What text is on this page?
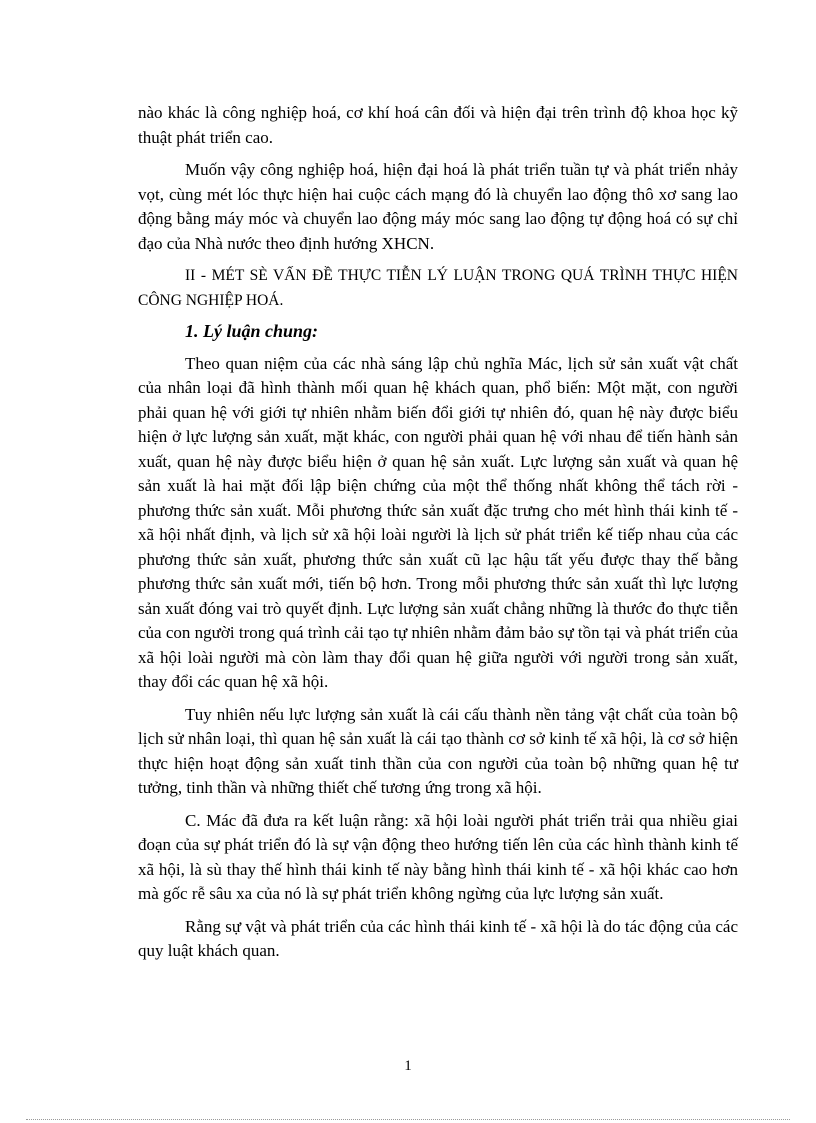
nào khác là công nghiệp hoá, cơ khí hoá cân đối và hiện đại trên trình độ khoa học kỹ thuật phát triển cao.

Muốn vậy công nghiệp hoá, hiện đại hoá là phát triển tuần tự và phát triển nhảy vọt, cùng mét lóc thực hiện hai cuộc cách mạng đó là chuyển lao động thô xơ sang lao động bằng máy móc và chuyển lao động máy móc sang lao động tự động hoá có sự chỉ đạo của Nhà nước theo định hướng XHCN.

II - MÉT SÈ VẤN ĐỀ THỰC TIỄN LÝ LUẬN TRONG QUÁ TRÌNH THỰC HIỆN CÔNG NGHIỆP HOÁ.

1. Lý luận chung:

Theo quan niệm của các nhà sáng lập chủ nghĩa Mác, lịch sử sản xuất vật chất của nhân loại đã hình thành mối quan hệ khách quan, phổ biến: Một mặt, con người phải quan hệ với giới tự nhiên nhằm biến đổi giới tự nhiên đó, quan hệ này được biểu hiện ở lực lượng sản xuất, mặt khác, con người phải quan hệ với nhau để tiến hành sản xuất, quan hệ này được biểu hiện ở quan hệ sản xuất. Lực lượng sản xuất và quan hệ sản xuất là hai mặt đối lập biện chứng của một thể thống nhất không thể tách rời - phương thức sản xuất. Mỗi phương thức sản xuất đặc trưng cho mét hình thái kinh tế - xã hội nhất định, và lịch sử xã hội loài người là lịch sử phát triển kế tiếp nhau của các phương thức sản xuất, phương thức sản xuất cũ lạc hậu tất yếu được thay thế bằng phương thức sản xuất mới, tiến bộ hơn. Trong mỗi phương thức sản xuất thì lực lượng sản xuất đóng vai trò quyết định. Lực lượng sản xuất chẳng những là thước đo thực tiễn của con người trong quá trình cải tạo tự nhiên nhằm đảm bảo sự tồn tại và phát triển của xã hội loài người mà còn làm thay đổi quan hệ giữa người với người trong sản xuất, thay đổi các quan hệ xã hội.

Tuy nhiên nếu lực lượng sản xuất là cái cấu thành nền tảng vật chất của toàn bộ lịch sử nhân loại, thì quan hệ sản xuất là cái tạo thành cơ sở kinh tế xã hội, là cơ sở hiện thực hiện hoạt động sản xuất tinh thần của con người của toàn bộ những quan hệ tư tưởng, tinh thần và những thiết chế tương ứng trong xã hội.

C. Mác đã đưa ra kết luận rằng: xã hội loài người phát triển trải qua nhiều giai đoạn của sự phát triển đó là sự vận động theo hướng tiến lên của các hình thành kinh tế xã hội, là sù thay thế hình thái kinh tế này bằng hình thái kinh tế - xã hội khác cao hơn mà gốc rễ sâu xa của nó là sự phát triển không ngừng của lực lượng sản xuất.

Rằng sự vật và phát triển của các hình thái kinh tế - xã hội là do tác động của các quy luật khách quan.

1
